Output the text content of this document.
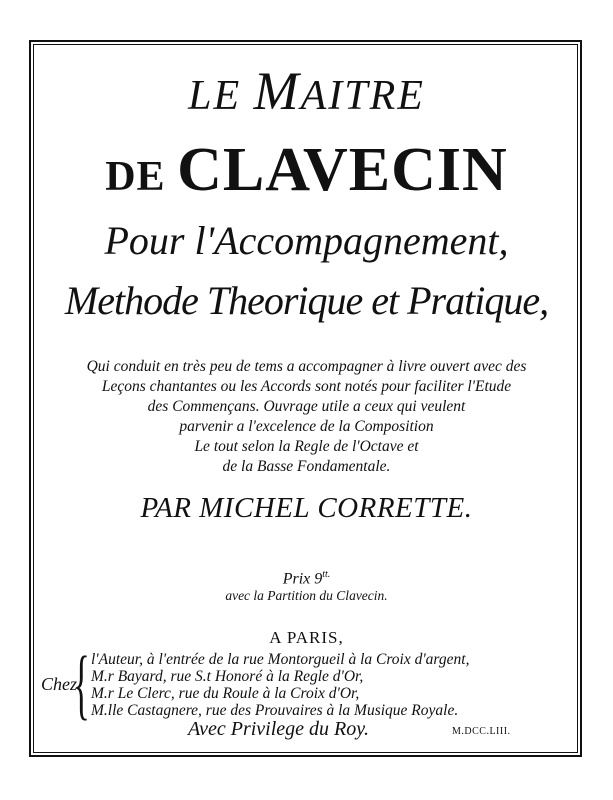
LE MAITRE
DE CLAVECIN
Pour l'Accompagnement,
Methode Theorique et Pratique,
Qui conduit en très peu de tems a accompagner à livre ouvert avec des
Leçons chantantes ou les Accords sont notés pour faciliter l'Etude
des Commençans. Ouvrage utile a ceux qui veulent
parvenir a l'excelence de la Composition
Le tout selon la Regle de l'Octave et
de la Basse Fondamentale.
PAR MICHEL CORRETTE.
Prix $9^{tt.}$
avec la Partition du Clavecin.
A PARIS,
Chez
{ l'Auteur, à l'entrée de la rue Montorgueil à la Croix d'argent,
M.r Bayard, rue S.t Honoré à la Regle d'Or,
M.r Le Clerc, rue du Roule à la Croix d'Or,
M.lle Castagnere, rue des Prouvaires à la Musique Royale.
Avec Privilege du Roy.	M.DCC.LIII.
